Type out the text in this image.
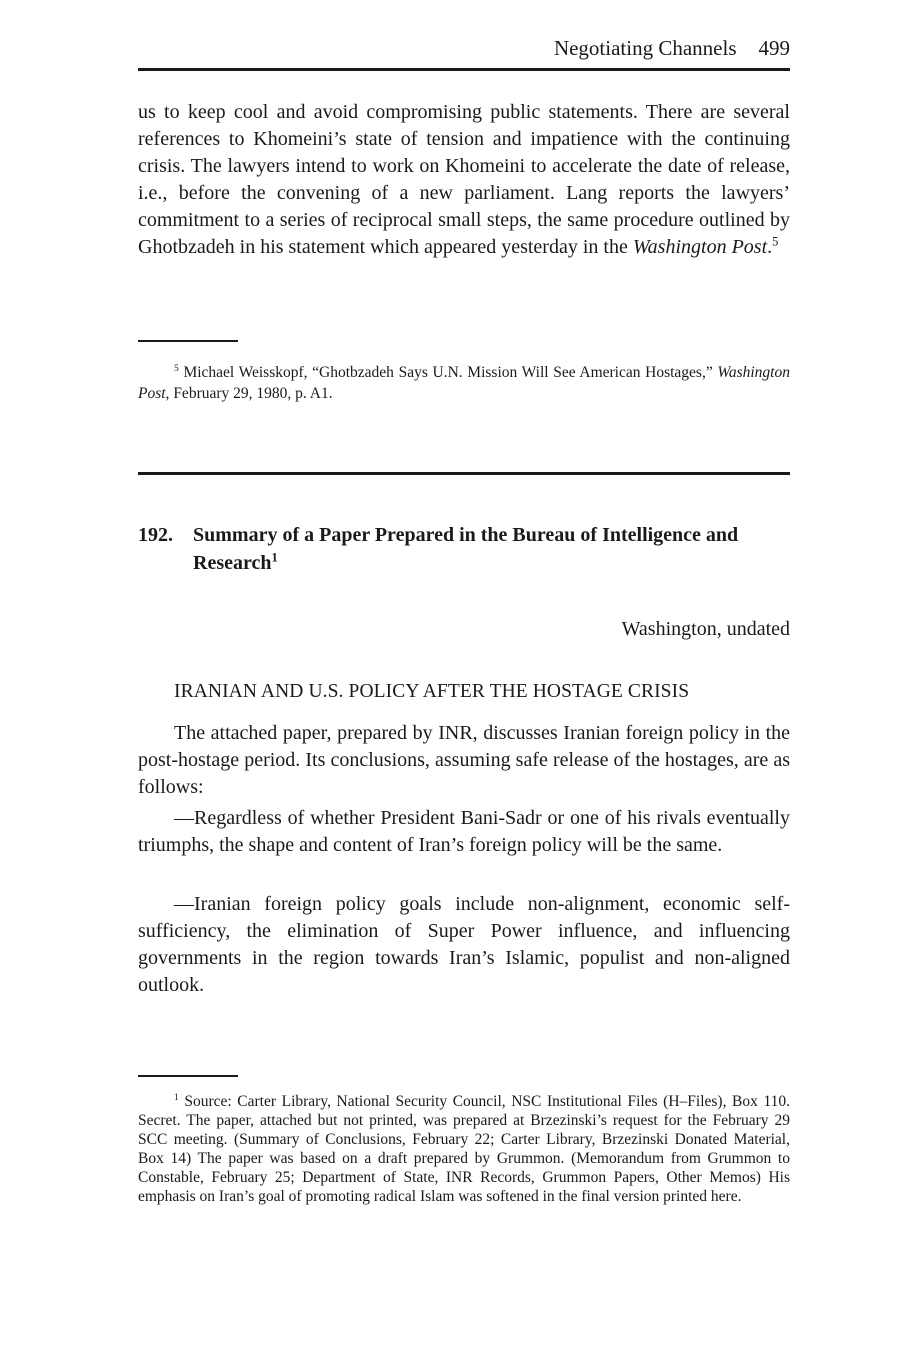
Negotiating Channels 499

us to keep cool and avoid compromising public statements. There are several references to Khomeini’s state of tension and impatience with the continuing crisis. The lawyers intend to work on Khomeini to accelerate the date of release, i.e., before the convening of a new parliament. Lang reports the lawyers’ commitment to a series of reciprocal small steps, the same procedure outlined by Ghotbzadeh in his statement which appeared yesterday in the Washington Post.$^5$

$^5$ Michael Weisskopf, “Ghotbzadeh Says U.N. Mission Will See American Hostages,” Washington Post, February 29, 1980, p. A1.

192. Summary of a Paper Prepared in the Bureau of Intelligence and Research$^1$
Washington, undated
IRANIAN AND U.S. POLICY AFTER THE HOSTAGE CRISIS

The attached paper, prepared by INR, discusses Iranian foreign policy in the post-hostage period. Its conclusions, assuming safe release of the hostages, are as follows:

—Regardless of whether President Bani-Sadr or one of his rivals eventually triumphs, the shape and content of Iran’s foreign policy will be the same.

—Iranian foreign policy goals include non-alignment, economic self-sufficiency, the elimination of Super Power influence, and influencing governments in the region towards Iran’s Islamic, populist and non-aligned outlook.

$^1$ Source: Carter Library, National Security Council, NSC Institutional Files (H–Files), Box 110. Secret. The paper, attached but not printed, was prepared at Brzezinski’s request for the February 29 SCC meeting. (Summary of Conclusions, February 22; Carter Library, Brzezinski Donated Material, Box 14) The paper was based on a draft prepared by Grummon. (Memorandum from Grummon to Constable, February 25; Department of State, INR Records, Grummon Papers, Other Memos) His emphasis on Iran’s goal of promoting radical Islam was softened in the final version printed here.
